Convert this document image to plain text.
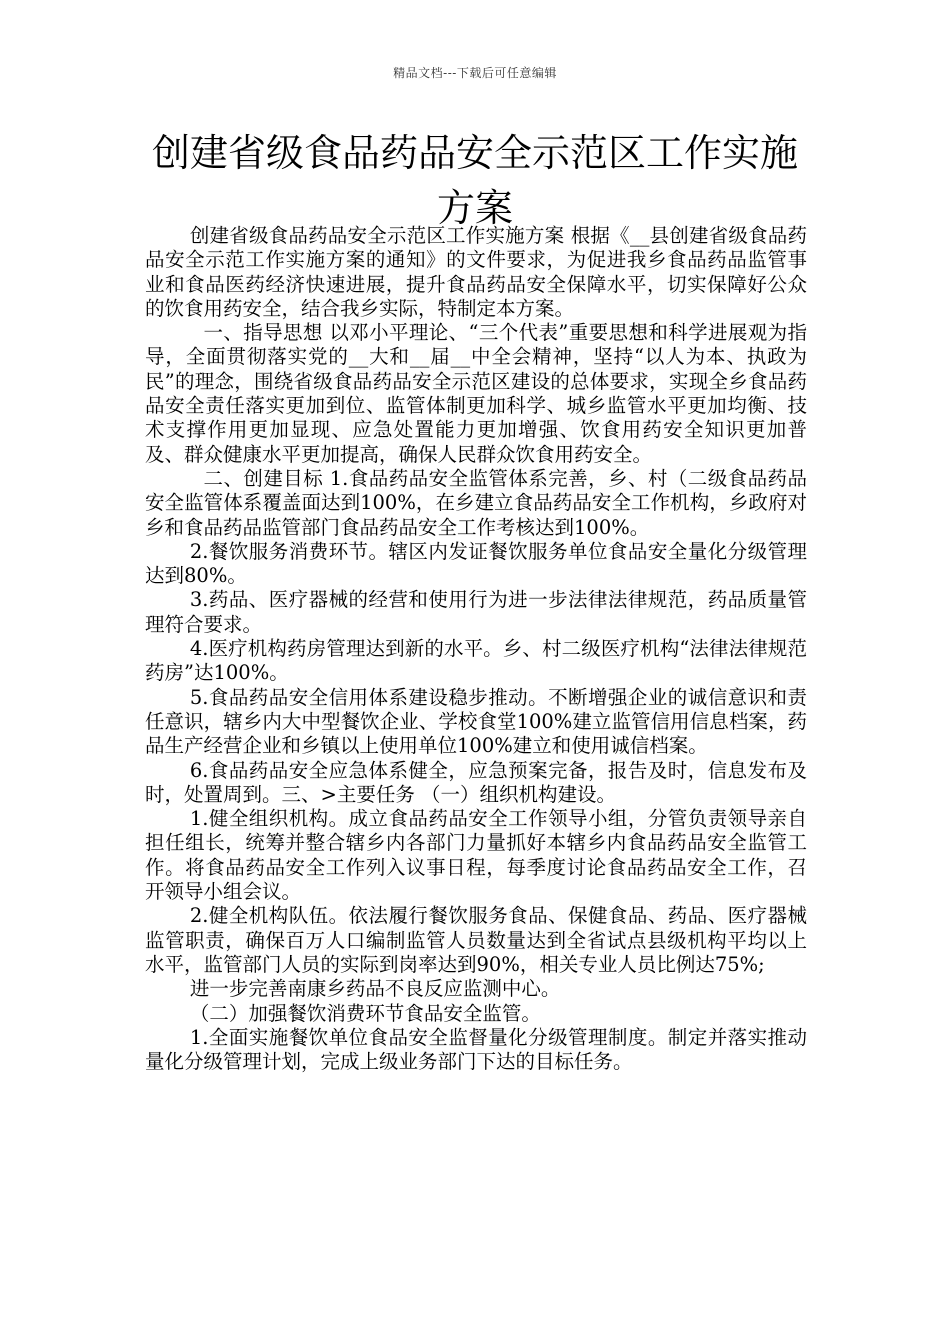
精品文档---下载后可任意编辑
创建省级食品药品安全示范区工作实施方案

创建省级食品药品安全示范区工作实施方案 根据《__县创建省级食品药品安全示范工作实施方案的通知》的文件要求，为促进我乡食品药品监管事业和食品医药经济快速进展，提升食品药品安全保障水平，切实保障好公众的饮食用药安全，结合我乡实际，特制定本方案。

一、指导思想 以邓小平理论、“三个代表”重要思想和科学进展观为指导，全面贯彻落实党的__大和__届__中全会精神，坚持“以人为本、执政为民”的理念，围绕省级食品药品安全示范区建设的总体要求，实现全乡食品药品安全责任落实更加到位、监管体制更加科学、城乡监管水平更加均衡、技术支撑作用更加显现、应急处置能力更加增强、饮食用药安全知识更加普及、群众健康水平更加提高，确保人民群众饮食用药安全。

二、创建目标 1.食品药品安全监管体系完善，乡、村（二级食品药品安全监管体系覆盖面达到100%，在乡建立食品药品安全工作机构，乡政府对乡和食品药品监管部门食品药品安全工作考核达到100%。

2.餐饮服务消费环节。辖区内发证餐饮服务单位食品安全量化分级管理达到80%。

3.药品、医疗器械的经营和使用行为进一步法律法律规范，药品质量管理符合要求。

4.医疗机构药房管理达到新的水平。乡、村二级医疗机构“法律法律规范药房”达100%。

5.食品药品安全信用体系建设稳步推动。不断增强企业的诚信意识和责任意识，辖乡内大中型餐饮企业、学校食堂100%建立监管信用信息档案，药品生产经营企业和乡镇以上使用单位100%建立和使用诚信档案。

6.食品药品安全应急体系健全，应急预案完备，报告及时，信息发布及时，处置周到。三、>主要任务 （一）组织机构建设。

1.健全组织机构。成立食品药品安全工作领导小组，分管负责领导亲自担任组长，统筹并整合辖乡内各部门力量抓好本辖乡内食品药品安全监管工作。将食品药品安全工作列入议事日程，每季度讨论食品药品安全工作，召开领导小组会议。

2.健全机构队伍。依法履行餐饮服务食品、保健食品、药品、医疗器械监管职责，确保百万人口编制监管人员数量达到全省试点县级机构平均以上水平，监管部门人员的实际到岗率达到90%，相关专业人员比例达75%;

进一步完善南康乡药品不良反应监测中心。

（二）加强餐饮消费环节食品安全监管。

1.全面实施餐饮单位食品安全监督量化分级管理制度。制定并落实推动量化分级管理计划，完成上级业务部门下达的目标任务。
